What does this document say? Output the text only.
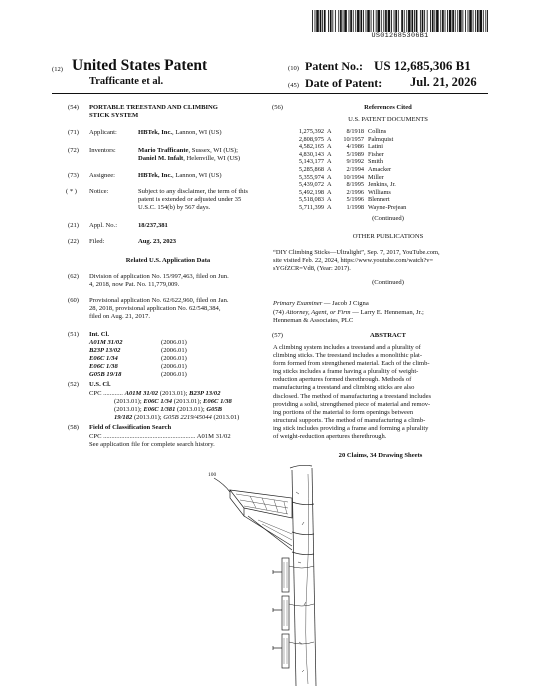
US012685306B1
(12) United States Patent
Trafficante et al.
(10) Patent No.: US 12,685,306 B1
(45) Date of Patent: Jul. 21, 2026
(54)	PORTABLE TREESTAND AND CLIMBING
STICK SYSTEM
(71)	Applicant:	HBTek, Inc., Lannon, WI (US)
(72)	Inventors:	Mario Trafficante, Sussex, WI (US);
Daniel M. Infalt, Helenville, WI (US)
(73)	Assignee:	HBTek, Inc., Lannon, WI (US)
( * )	Notice:	Subject to any disclaimer, the term of this
patent is extended or adjusted under 35
U.S.C. 154(b) by 567 days.
(21)	Appl. No.:	18/237,381
(22)	Filed:	Aug. 23, 2023
Related U.S. Application Data
(62)	Division of application No. 15/997,463, filed on Jun.
4, 2018, now Pat. No. 11,779,009.
(60)	Provisional application No. 62/622,960, filed on Jan.
28, 2018, provisional application No. 62/548,384,
filed on Aug. 21, 2017.
(51)	Int. Cl.
A01M 31/02	(2006.01)
B23P 13/02	(2006.01)
E06C 1/34	(2006.01)
E06C 1/38	(2006.01)
G05B 19/18	(2006.01)
(52)	U.S. Cl.
CPC ............ A01M 31/02 (2013.01); B23P 13/02
(2013.01); E06C 1/34 (2013.01); E06C 1/38
(2013.01); E06C 1/381 (2013.01); G05B
19/182 (2013.01); G05B 2219/45044 (2013.01)
(58)	Field of Classification Search
CPC ........................................................ A01M 31/02
See application file for complete search history.
(56)	References Cited
U.S. PATENT DOCUMENTS
1,275,392 A	8/1918 Collins
2,808,975 A	10/1957 Palmquist
4,582,165 A	4/1986 Latini
4,830,143 A	5/1989 Fisher
5,143,177 A	9/1992 Smith
5,285,868 A	2/1994 Amacker
5,355,974 A	10/1994 Miller
5,439,072 A	8/1995 Jenkins, Jr.
5,492,198 A	2/1996 Williams
5,518,083 A	5/1996 Blennert
5,711,399 A	1/1998 Wayne-Prejean
(Continued)
OTHER PUBLICATIONS
“DIY Climbing Sticks—Ultralight”, Sep. 7, 2017, YouTube.com,
site visited Feb. 22, 2024, https://www.youtube.com/watch?v=
sYGfZCR=Vd8, (Year: 2017).
(Continued)
Primary Examiner — Jacob J Cigna
(74) Attorney, Agent, or Firm — Larry E. Henneman, Jr.;
Henneman & Associates, PLC
(57)	ABSTRACT
A climbing system includes a treestand and a plurality of
climbing sticks. The treestand includes a monolithic plat-
form formed from strengthened material. Each of the climb-
ing sticks includes a frame having a plurality of weight-
reduction apertures formed therethrough. Methods of
manufacturing a treestand and climbing sticks are also
disclosed. The method of manufacturing a treestand includes
providing a solid, strengthened piece of material and remov-
ing portions of the material to form openings between
structural supports. The method of manufacturing a climb-
ing stick includes providing a frame and forming a plurality
of weight-reduction apertures therethrough.
20 Claims, 34 Drawing Sheets
100
